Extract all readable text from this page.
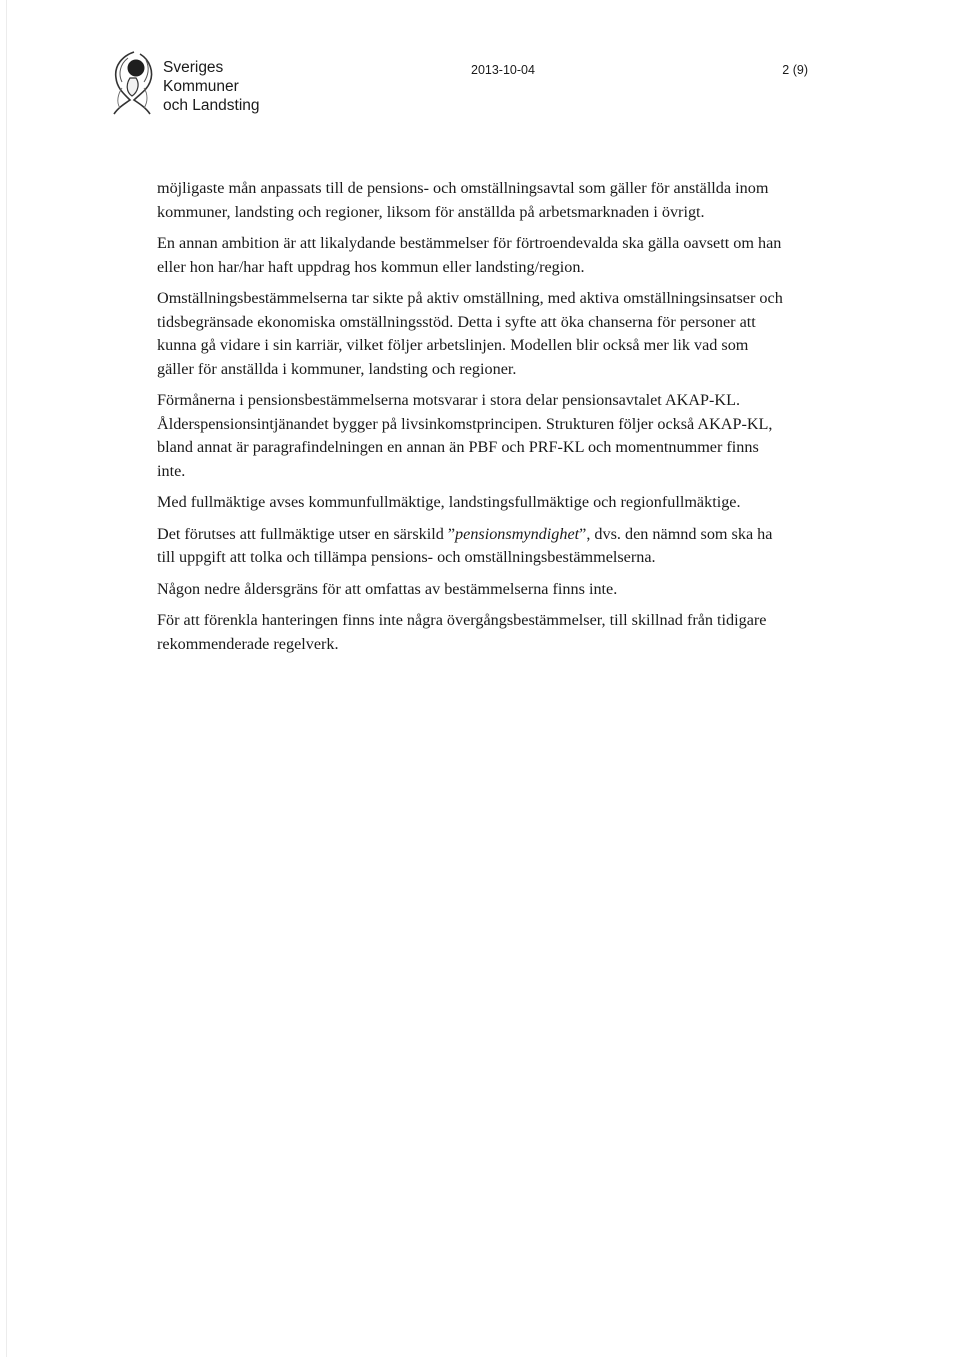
Sveriges
Kommuner
och Landsting
2013-10-04	2 (9)

möjligaste mån anpassats till de pensions- och omställningsavtal som gäller för anställda inom kommuner, landsting och regioner, liksom för anställda på arbetsmarknaden i övrigt.

En annan ambition är att likalydande bestämmelser för förtroendevalda ska gälla oavsett om han eller hon har/har haft uppdrag hos kommun eller landsting/region.

Omställningsbestämmelserna tar sikte på aktiv omställning, med aktiva omställningsinsatser och tidsbegränsade ekonomiska omställningsstöd. Detta i syfte att öka chanserna för personer att kunna gå vidare i sin karriär, vilket följer arbetslinjen. Modellen blir också mer lik vad som gäller för anställda i kommuner, landsting och regioner.

Förmånerna i pensionsbestämmelserna motsvarar i stora delar pensionsavtalet AKAP-KL. Ålderspensionsintjänandet bygger på livsinkomstprincipen. Strukturen följer också AKAP-KL, bland annat är paragrafindelningen en annan än PBF och PRF-KL och momentnummer finns inte.

Med fullmäktige avses kommunfullmäktige, landstingsfullmäktige och regionfullmäktige.

Det förutses att fullmäktige utser en särskild ”pensionsmyndighet”, dvs. den nämnd som ska ha till uppgift att tolka och tillämpa pensions- och omställningsbestämmelserna.

Någon nedre åldersgräns för att omfattas av bestämmelserna finns inte.

För att förenkla hanteringen finns inte några övergångsbestämmelser, till skillnad från tidigare rekommenderade regelverk.
